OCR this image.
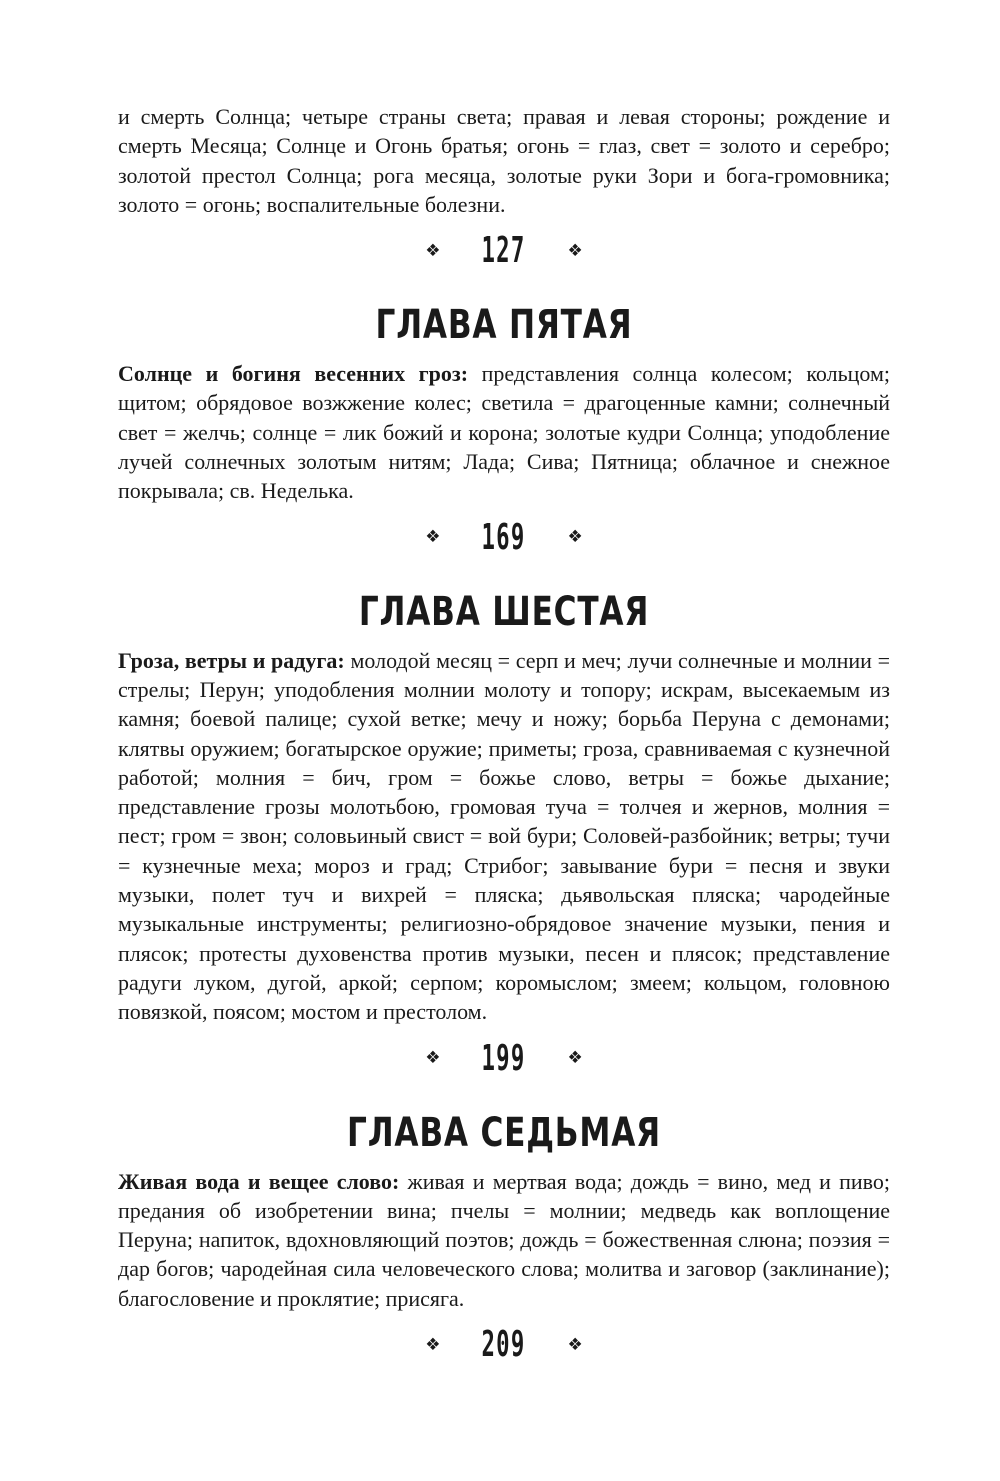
и смерть Солнца; четыре страны света; правая и левая стороны; рождение и смерть Месяца; Солнце и Огонь братья; огонь = глаз, свет = золото и серебро; золотой престол Солнца; рога месяца, золотые руки Зори и бога-громовника; золото = огонь; воспалительные болезни.

❖ 127 ❖
ГЛАВА ПЯТАЯ

Солнце и богиня весенних гроз: представления солнца колесом; кольцом; щитом; обрядовое возжжение колес; светила = драгоценные камни; солнечный свет = желчь; солнце = лик божий и корона; золотые кудри Солнца; уподобление лучей солнечных золотым нитям; Лада; Сива; Пятница; облачное и снежное покрывала; св. Неделька.

❖ 169 ❖
ГЛАВА ШЕСТАЯ

Гроза, ветры и радуга: молодой месяц = серп и меч; лучи солнечные и молнии = стрелы; Перун; уподобления молнии молоту и топору; искрам, высекаемым из камня; боевой палице; сухой ветке; мечу и ножу; борьба Перуна с демонами; клятвы оружием; богатырское оружие; приметы; гроза, сравниваемая с кузнечной работой; молния = бич, гром = божье слово, ветры = божье дыхание; представление грозы молотьбою, громовая туча = толчея и жернов, молния = пест; гром = звон; соловьиный свист = вой бури; Соловей-разбойник; ветры; тучи = кузнечные меха; мороз и град; Стрибог; завывание бури = песня и звуки музыки, полет туч и вихрей = пляска; дьявольская пляска; чародейные музыкальные инструменты; религиозно-обрядовое значение музыки, пения и плясок; протесты духовенства против музыки, песен и плясок; представление радуги луком, дугой, аркой; серпом; коромыслом; змеем; кольцом, головною повязкой, поясом; мостом и престолом.

❖ 199 ❖
ГЛАВА СЕДЬМАЯ

Живая вода и вещее слово: живая и мертвая вода; дождь = вино, мед и пиво; предания об изобретении вина; пчелы = молнии; медведь как воплощение Перуна; напиток, вдохновляющий поэтов; дождь = божественная слюна; поэзия = дар богов; чародейная сила человеческого слова; молитва и заговор (заклинание); благословение и проклятие; присяга.

❖ 209 ❖
